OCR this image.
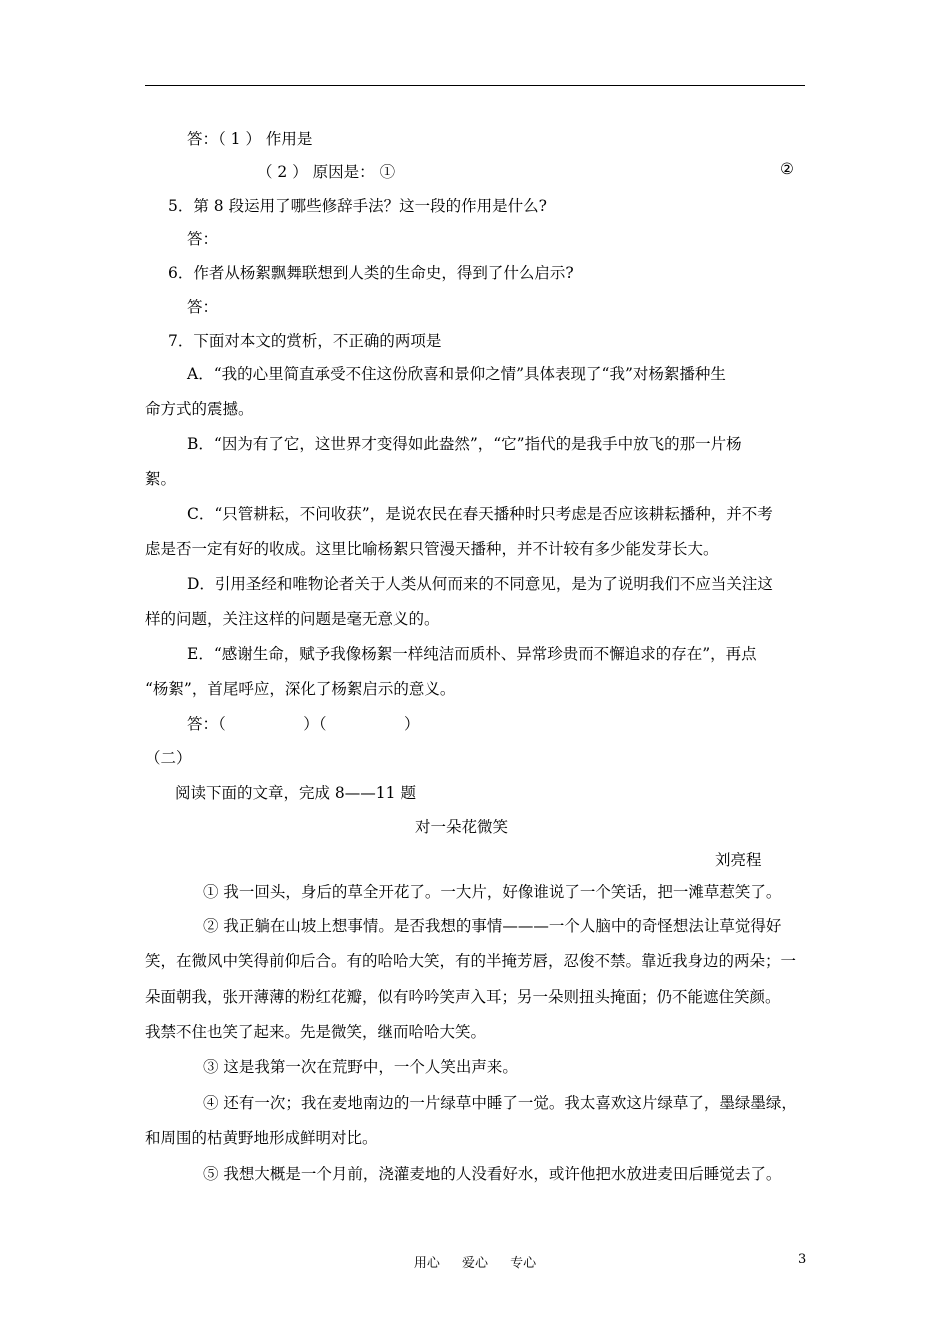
答：（ 1 ） 作用是
（ 2 ） 原因是： ①	②
5．第 8 段运用了哪些修辞手法？这一段的作用是什么?
答：
6．作者从杨絮飘舞联想到人类的生命史，得到了什么启示?
答：
7．下面对本文的赏析，不正确的两项是
A．“我的心里简直承受不住这份欣喜和景仰之情”具体表现了“我”对杨絮播种生
命方式的震撼。
B．“因为有了它，这世界才变得如此盎然”，“它”指代的是我手中放飞的那一片杨
絮。
C．“只管耕耘，不问收获”，是说农民在春天播种时只考虑是否应该耕耘播种，并不考
虑是否一定有好的收成。这里比喻杨絮只管漫天播种，并不计较有多少能发芽长大。
D．引用圣经和唯物论者关于人类从何而来的不同意见，是为了说明我们不应当关注这
样的问题，关注这样的问题是毫无意义的。
E．“感谢生命，赋予我像杨絮一样纯洁而质朴、异常珍贵而不懈追求的存在”，再点
“杨絮”，首尾呼应，深化了杨絮启示的意义。
答：（　　　　　）（　　　　　）
（二）
阅读下面的文章，完成 8——11 题
对一朵花微笑
刘亮程
① 我一回头，身后的草全开花了。一大片，好像谁说了一个笑话，把一滩草惹笑了。
② 我正躺在山坡上想事情。是否我想的事情———一个人脑中的奇怪想法让草觉得好
笑，在微风中笑得前仰后合。有的哈哈大笑，有的半掩芳唇，忍俊不禁。靠近我身边的两朵；一
朵面朝我，张开薄薄的粉红花瓣，似有吟吟笑声入耳；另一朵则扭头掩面；仍不能遮住笑颜。
我禁不住也笑了起来。先是微笑，继而哈哈大笑。
③ 这是我第一次在荒野中，一个人笑出声来。
④ 还有一次；我在麦地南边的一片绿草中睡了一觉。我太喜欢这片绿草了，墨绿墨绿，
和周围的枯黄野地形成鲜明对比。
⑤ 我想大概是一个月前，浇灌麦地的人没看好水，或许他把水放进麦田后睡觉去了。
用心 爱心 专心	3
